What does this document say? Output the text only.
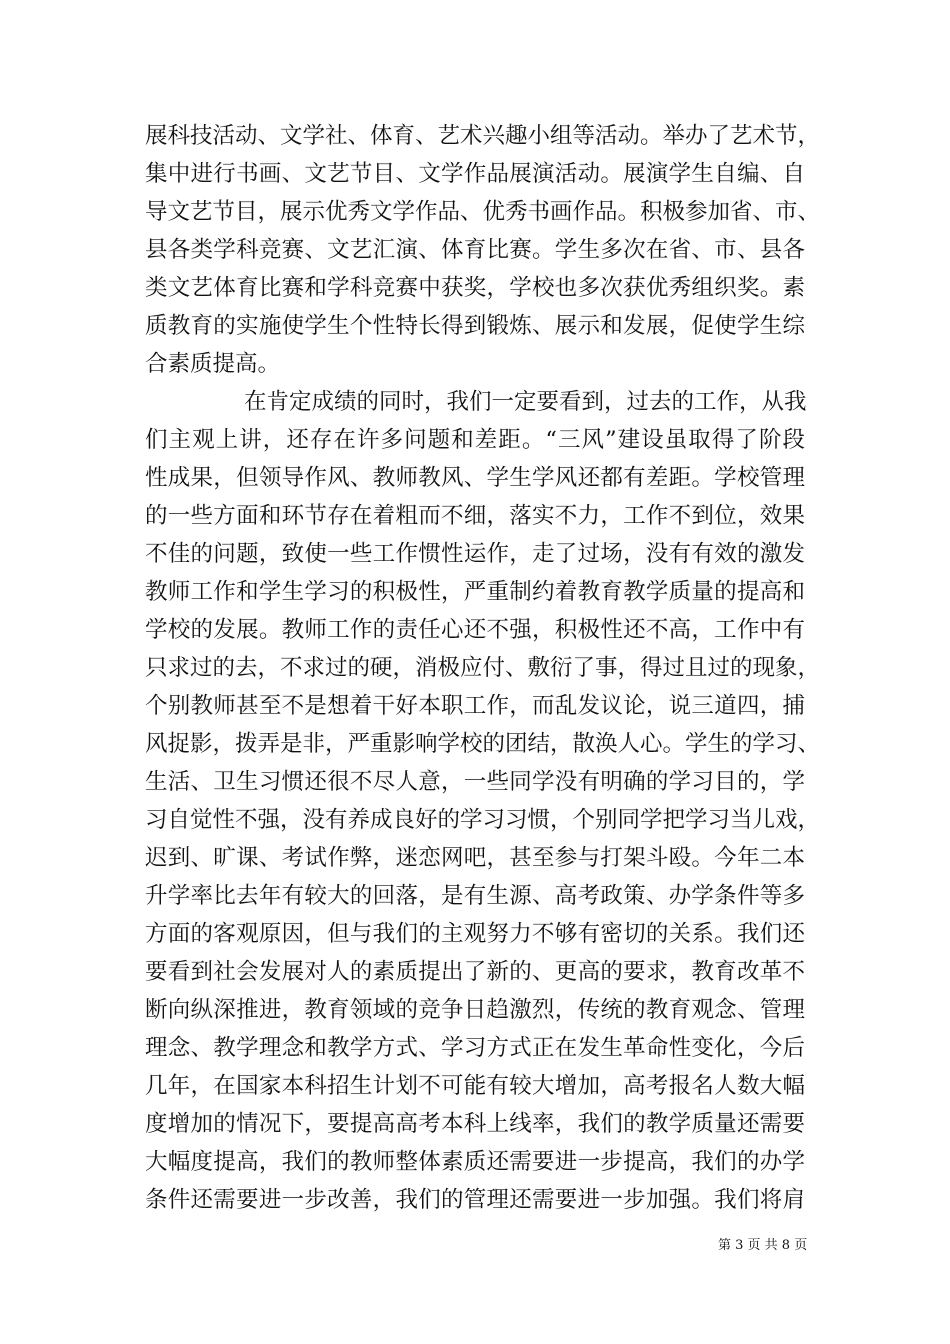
展科技活动、文学社、体育、艺术兴趣小组等活动。举办了艺术节，
集中进行书画、文艺节目、文学作品展演活动。展演学生自编、自
导文艺节目，展示优秀文学作品、优秀书画作品。积极参加省、市、
县各类学科竞赛、文艺汇演、体育比赛。学生多次在省、市、县各
类文艺体育比赛和学科竞赛中获奖，学校也多次获优秀组织奖。素
质教育的实施使学生个性特长得到锻炼、展示和发展，促使学生综
合素质提高。
在肯定成绩的同时，我们一定要看到，过去的工作，从我
们主观上讲，还存在许多问题和差距。“三风”建设虽取得了阶段
性成果，但领导作风、教师教风、学生学风还都有差距。学校管理
的一些方面和环节存在着粗而不细，落实不力，工作不到位，效果
不佳的问题，致使一些工作惯性运作，走了过场，没有有效的激发
教师工作和学生学习的积极性，严重制约着教育教学质量的提高和
学校的发展。教师工作的责任心还不强，积极性还不高，工作中有
只求过的去，不求过的硬，消极应付、敷衍了事，得过且过的现象，
个别教师甚至不是想着干好本职工作，而乱发议论，说三道四，捕
风捉影，拨弄是非，严重影响学校的团结，散涣人心。学生的学习、
生活、卫生习惯还很不尽人意，一些同学没有明确的学习目的，学
习自觉性不强，没有养成良好的学习习惯，个别同学把学习当儿戏，
迟到、旷课、考试作弊，迷恋网吧，甚至参与打架斗殴。今年二本
升学率比去年有较大的回落，是有生源、高考政策、办学条件等多
方面的客观原因，但与我们的主观努力不够有密切的关系。我们还
要看到社会发展对人的素质提出了新的、更高的要求，教育改革不
断向纵深推进，教育领域的竞争日趋激烈，传统的教育观念、管理
理念、教学理念和教学方式、学习方式正在发生革命性变化，今后
几年，在国家本科招生计划不可能有较大增加，高考报名人数大幅
度增加的情况下，要提高高考本科上线率，我们的教学质量还需要
大幅度提高，我们的教师整体素质还需要进一步提高，我们的办学
条件还需要进一步改善，我们的管理还需要进一步加强。我们将肩
第 3 页 共 8 页
